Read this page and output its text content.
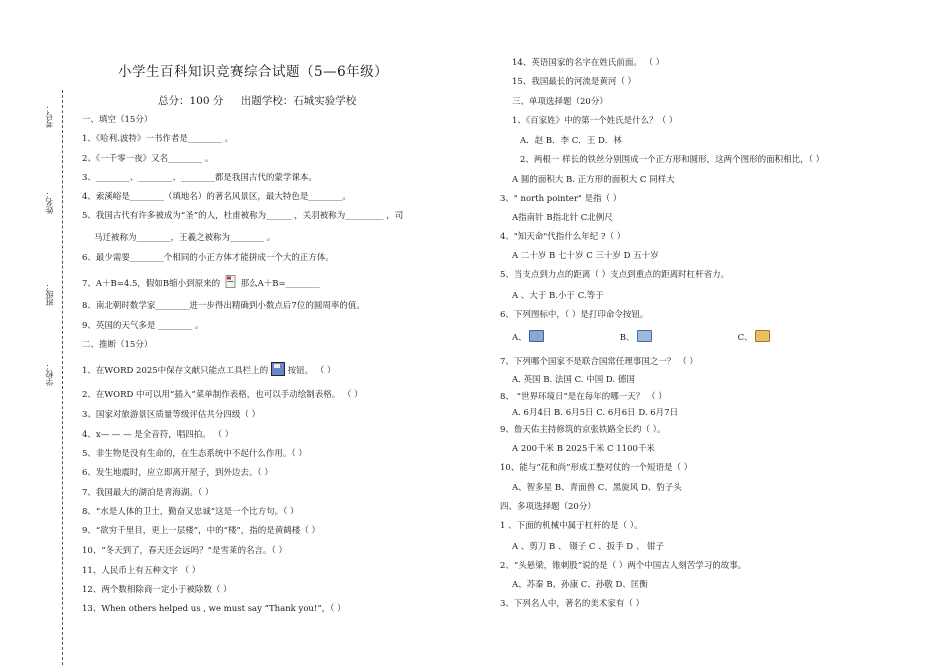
考号：
姓名：
班级：
学校：
小学生百科知识竞赛综合试题（5—6年级）
总分：100 分 出题学校：石城实验学校
一、填空（15分）
1、《哈利.波特》一书作者是________ 。
2、《一千零一夜》又名________ 。
3、________、________、________都是我国古代的蒙学课本。
4、索溪峪是________（填地名）的著名风景区，最大特色是________。
5、我国古代有许多被成为“圣”的人，杜甫被称为______ ，关羽被称为_________ ，司
马迁被称为________，王羲之被称为________ 。
6、最少需要________个相同的小正方体才能拼成一个大的正方体。
7、A＋B=4.5，假如B缩小到原来的 那么A＋B=________
8、南北朝时数学家________进一步得出精确到小数点后7位的圆周率的值。
9、英国的天气多是 ________ 。
二、推断（15分）
1、在WORD 2025中保存文献只能点工具栏上的 按钮。 （ ）
2、在WORD 中可以用“插入”菜单制作表格，也可以手动绘制表格。 （ ）
3、国家对旅游景区质量等级评估共分四级（ ）
4、x— — — 是全音符，唱四拍。 （ ）
5、非生物是没有生命的，在生态系统中不起什么作用。（ ）
6、发生地震时，应立即离开屋子，到外边去。（ ）
7、我国最大的湖泊是青海湖。（ ）
8、“水是人体的卫士，勤奋又忠诚”这是一个比方句。（ ）
9、“欲穷千里目，更上一层楼”，中的“楼”，指的是黄鹤楼（ ）
10、“冬天到了，春天还会远吗？”是雪莱的名言。（ ）
11、人民币上有五种文字 （ ）
12、两个数相除商一定小于被除数（ ）
13、When others helped us , we must say “Thank you!”，（ ）
14、英语国家的名字在姓氏前面。 （ ）
15、我国最长的河流是黄河（ ）
三、单项选择题（20分）
1、《百家姓》中的第一个姓氏是什么？（ ）
A．赵 B．李 C．王 D．林
2、两根一 样长的铁丝分别围成一个正方形和圆形，这两个图形的面积相比，（ ）
A 圆的面积大 B. 正方形的面积大 C 同样大
3、" north pointer" 是指（ ）
A指南针 B指北针 C北例尺
4、"知天命"代指什么年纪 ?（ ）
A 二十岁 B 七十岁 C 三十岁 D 五十岁
5、当支点到力点的距离（ ）支点到重点的距离时杠杆省力。
A 、大于 B.小于 C.等于
6、下列图标中，（ ）是打印命令按钮。
A、	B、	C、
7、下列哪个国家不是联合国常任理事国之一？ （ ）
A. 英国 B. 法国 C. 中国 D. 德国
8、 “世界环境日”是在每年的哪一天？ （ ）
A. 6月4日 B. 6月5日 C. 6月6日 D. 6月7日
9、詹天佑主持修筑的京张铁路全长约（ ）。
A 200千米 B 2025千米 C 1100千米
10、能与“花和尚”形成工整对仗的一个短语是（ ）
A、智多星 B、青面兽 C、黑旋风 D、豹子头
四、多项选择题（20分）
1 、下面的机械中属于杠杆的是（ ）。
A 、剪刀 B 、 镊子 C 、扳手 D 、 钳子
2、“头悬梁，锥刺股”说的是（ ）两个中国古人刻苦学习的故事。
A、苏秦 B、孙康 C、孙敬 D、匡衡
3、下列名人中，著名的美术家有（ ）
